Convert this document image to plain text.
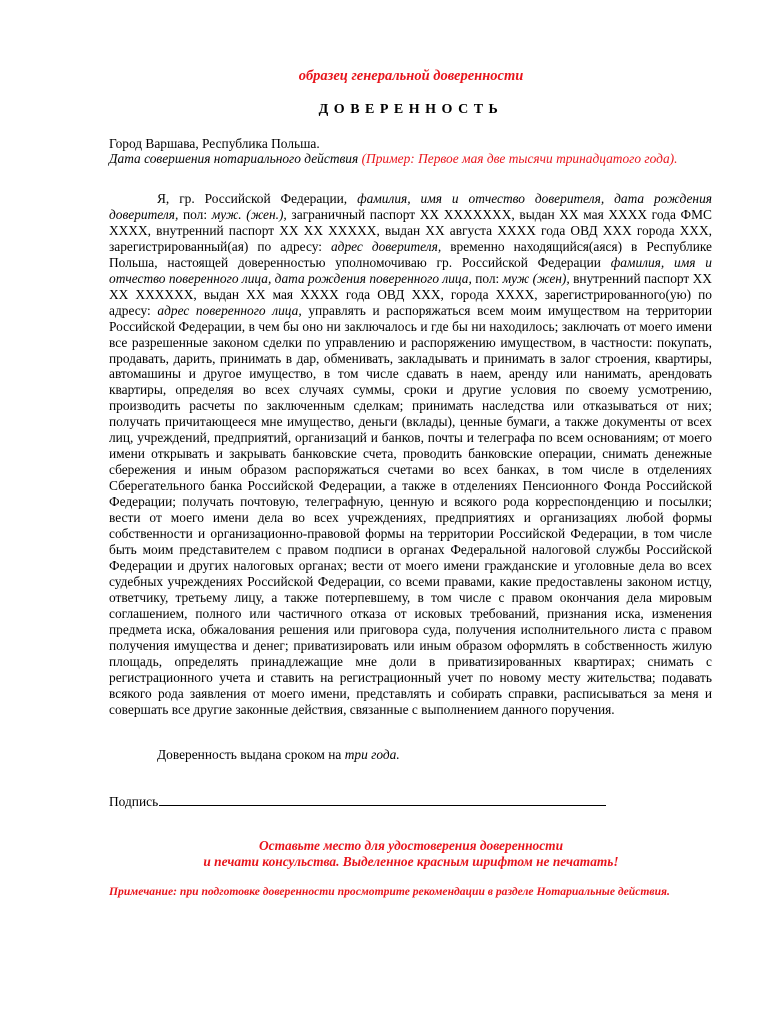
образец генеральной доверенности
ДОВЕРЕННОСТЬ
Город Варшава, Республика Польша.
Дата совершения нотариального действия (Пример: Первое мая две тысячи тринадцатого года).

Я, гр. Российской Федерации, фамилия, имя и отчество доверителя, дата рождения доверителя, пол: муж. (жен.), заграничный паспорт XX XXXXXXX, выдан XX мая XXXX года ФМС XXXX, внутренний паспорт XX XX XXXXX, выдан XX августа XXXX года ОВД XXX города XXX, зарегистрированный(ая) по адресу: адрес доверителя, временно находящийся(аяся) в Республике Польша, настоящей доверенностью уполномочиваю гр. Российской Федерации фамилия, имя и отчество поверенного лица, дата рождения поверенного лица, пол: муж (жен), внутренний паспорт XX XX XXXXXX, выдан XX мая XXXX года ОВД XXX, города XXXX, зарегистрированного(ую) по адресу: адрес поверенного лица, управлять и распоряжаться всем моим имуществом на территории Российской Федерации, в чем бы оно ни заключалось и где бы ни находилось; заключать от моего имени все разрешенные законом сделки по управлению и распоряжению имуществом, в частности: покупать, продавать, дарить, принимать в дар, обменивать, закладывать и принимать в залог строения, квартиры, автомашины и другое имущество, в том числе сдавать в наем, аренду или нанимать, арендовать квартиры, определяя во всех случаях суммы, сроки и другие условия по своему усмотрению, производить расчеты по заключенным сделкам; принимать наследства или отказываться от них; получать причитающееся мне имущество, деньги (вклады), ценные бумаги, а также документы от всех лиц, учреждений, предприятий, организаций и банков, почты и телеграфа по всем основаниям; от моего имени открывать и закрывать банковские счета, проводить банковские операции, снимать денежные сбережения и иным образом распоряжаться счетами во всех банках, в том числе в отделениях Сберегательного банка Российской Федерации, а также в отделениях Пенсионного Фонда Российской Федерации; получать почтовую, телеграфную, ценную и всякого рода корреспонденцию и посылки; вести от моего имени дела во всех учреждениях, предприятиях и организациях любой формы собственности и организационно-правовой формы на территории Российской Федерации, в том числе быть моим представителем с правом подписи в органах Федеральной налоговой службы Российской Федерации и других налоговых органах; вести от моего имени гражданские и уголовные дела во всех судебных учреждениях Российской Федерации, со всеми правами, какие предоставлены законом истцу, ответчику, третьему лицу, а также потерпевшему, в том числе с правом окончания дела мировым соглашением, полного или частичного отказа от исковых требований, признания иска, изменения предмета иска, обжалования решения или приговора суда, получения исполнительного листа с правом получения имущества и денег; приватизировать или иным образом оформлять в собственность жилую площадь, определять принадлежащие мне доли в приватизированных квартирах; снимать с регистрационного учета и ставить на регистрационный учет по новому месту жительства; подавать всякого рода заявления от моего имени, представлять и собирать справки, расписываться за меня и совершать все другие законные действия, связанные с выполнением данного поручения.

Доверенность выдана сроком на три года.
Подпись
Оставьте место для удостоверения доверенности
и печати консульства. Выделенное красным шрифтом не печатать!
Примечание: при подготовке доверенности просмотрите рекомендации в разделе Нотариальные действия.
